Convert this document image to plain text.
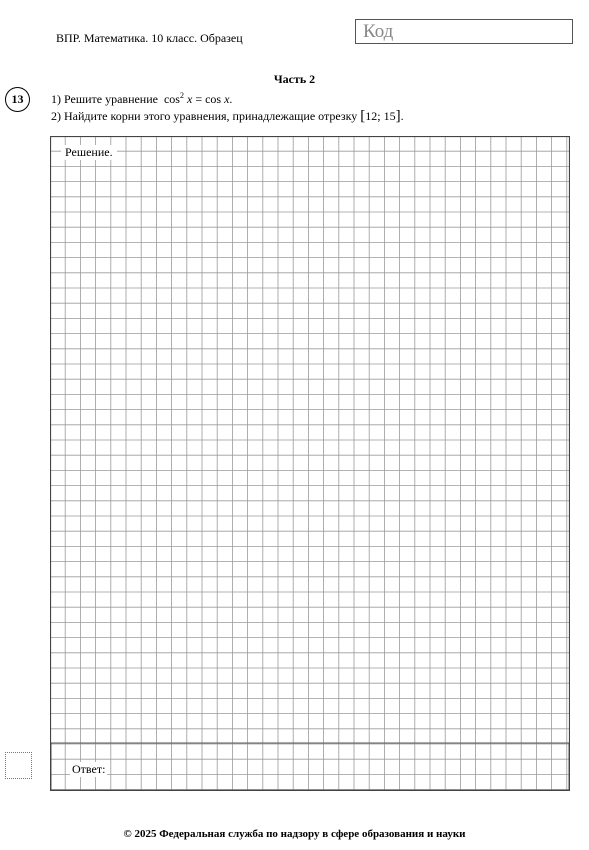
ВПР. Математика. 10 класс. Образец	Код
Часть 2
13	1) Решите уравнение $\cos^2 x = \cos x$.
2) Найдите корни этого уравнения, принадлежащие отрезку [12; 15].
Решение.
Ответ:
© 2025 Федеральная служба по надзору в сфере образования и науки
